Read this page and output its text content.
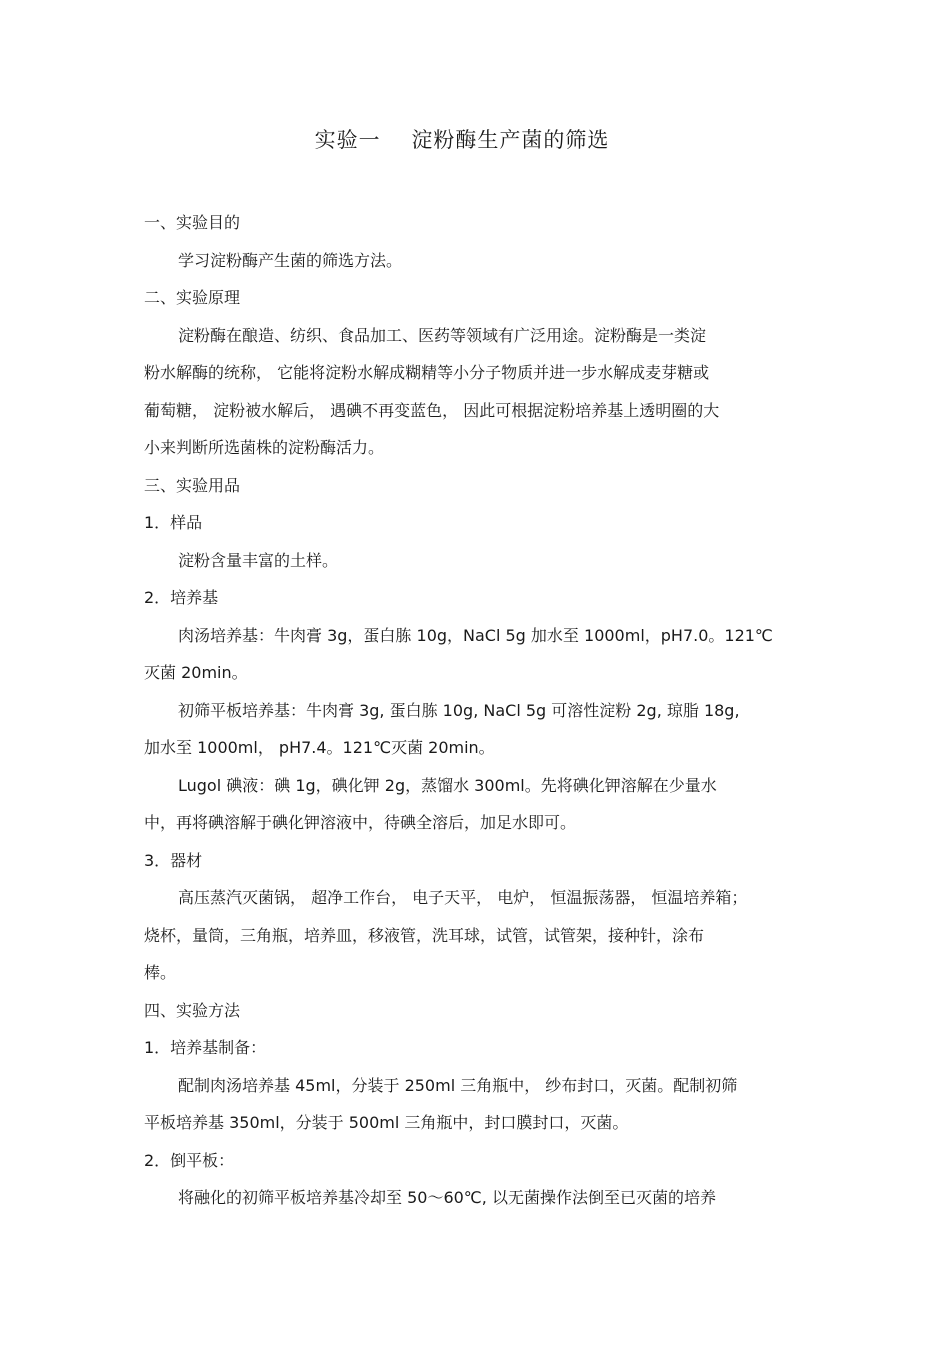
实验一    淀粉酶生产菌的筛选

一、实验目的

学习淀粉酶产生菌的筛选方法。

二、实验原理

淀粉酶在酿造、纺织、食品加工、医药等领域有广泛用途。淀粉酶是一类淀

粉水解酶的统称， 它能将淀粉水解成糊精等小分子物质并进一步水解成麦芽糖或

葡萄糖， 淀粉被水解后， 遇碘不再变蓝色， 因此可根据淀粉培养基上透明圈的大

小来判断所选菌株的淀粉酶活力。

三、实验用品

1．样品

淀粉含量丰富的土样。

2．培养基

肉汤培养基：牛肉膏 3g，蛋白胨 10g，NaCl 5g 加水至 1000ml，pH7.0。121℃

灭菌 20min。

初筛平板培养基：牛肉膏 3g, 蛋白胨 10g, NaCl 5g 可溶性淀粉 2g, 琼脂 18g,

加水至 1000ml， pH7.4。121℃灭菌 20min。

Lugol 碘液：碘 1g，碘化钾 2g，蒸馏水 300ml。先将碘化钾溶解在少量水

中，再将碘溶解于碘化钾溶液中，待碘全溶后，加足水即可。

3．器材

高压蒸汽灭菌锅， 超净工作台， 电子天平， 电炉， 恒温振荡器， 恒温培养箱；

烧杯，量筒，三角瓶，培养皿，移液管，洗耳球，试管，试管架，接种针，涂布

棒。

四、实验方法

1．培养基制备：

配制肉汤培养基 45ml，分装于 250ml 三角瓶中， 纱布封口，灭菌。配制初筛

平板培养基 350ml，分装于 500ml 三角瓶中，封口膜封口，灭菌。

2．倒平板：

将融化的初筛平板培养基冷却至 50～60℃, 以无菌操作法倒至已灭菌的培养
